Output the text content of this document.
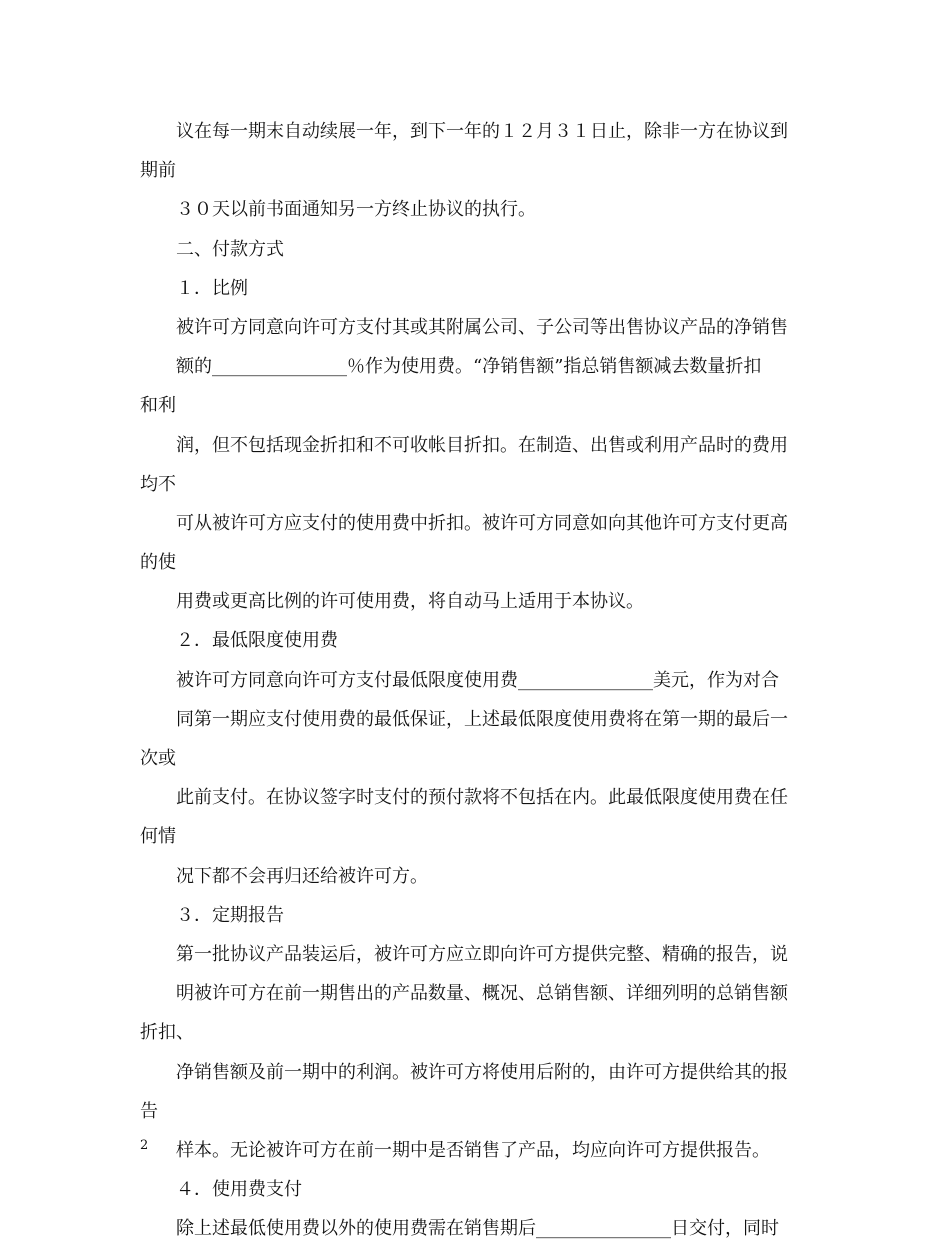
议在每一期末自动续展一年，到下一年的１２月３１日止，除非一方在协议到
期前
３０天以前书面通知另一方终止协议的执行。
二、付款方式
１．比例
被许可方同意向许可方支付其或其附属公司、子公司等出售协议产品的净销售
额的_______________％作为使用费。“净销售额”指总销售额减去数量折扣
和利
润，但不包括现金折扣和不可收帐目折扣。在制造、出售或利用产品时的费用
均不
可从被许可方应支付的使用费中折扣。被许可方同意如向其他许可方支付更高
的使
用费或更高比例的许可使用费，将自动马上适用于本协议。
２．最低限度使用费
被许可方同意向许可方支付最低限度使用费_______________美元，作为对合
同第一期应支付使用费的最低保证，上述最低限度使用费将在第一期的最后一
次或
此前支付。在协议签字时支付的预付款将不包括在内。此最低限度使用费在任
何情
况下都不会再归还给被许可方。
３．定期报告
第一批协议产品装运后，被许可方应立即向许可方提供完整、精确的报告，说
明被许可方在前一期售出的产品数量、概况、总销售额、详细列明的总销售额
折扣、
净销售额及前一期中的利润。被许可方将使用后附的，由许可方提供给其的报
告
样本。无论被许可方在前一期中是否销售了产品，均应向许可方提供报告。
４．使用费支付
除上述最低使用费以外的使用费需在销售期后_______________日交付，同时
2
